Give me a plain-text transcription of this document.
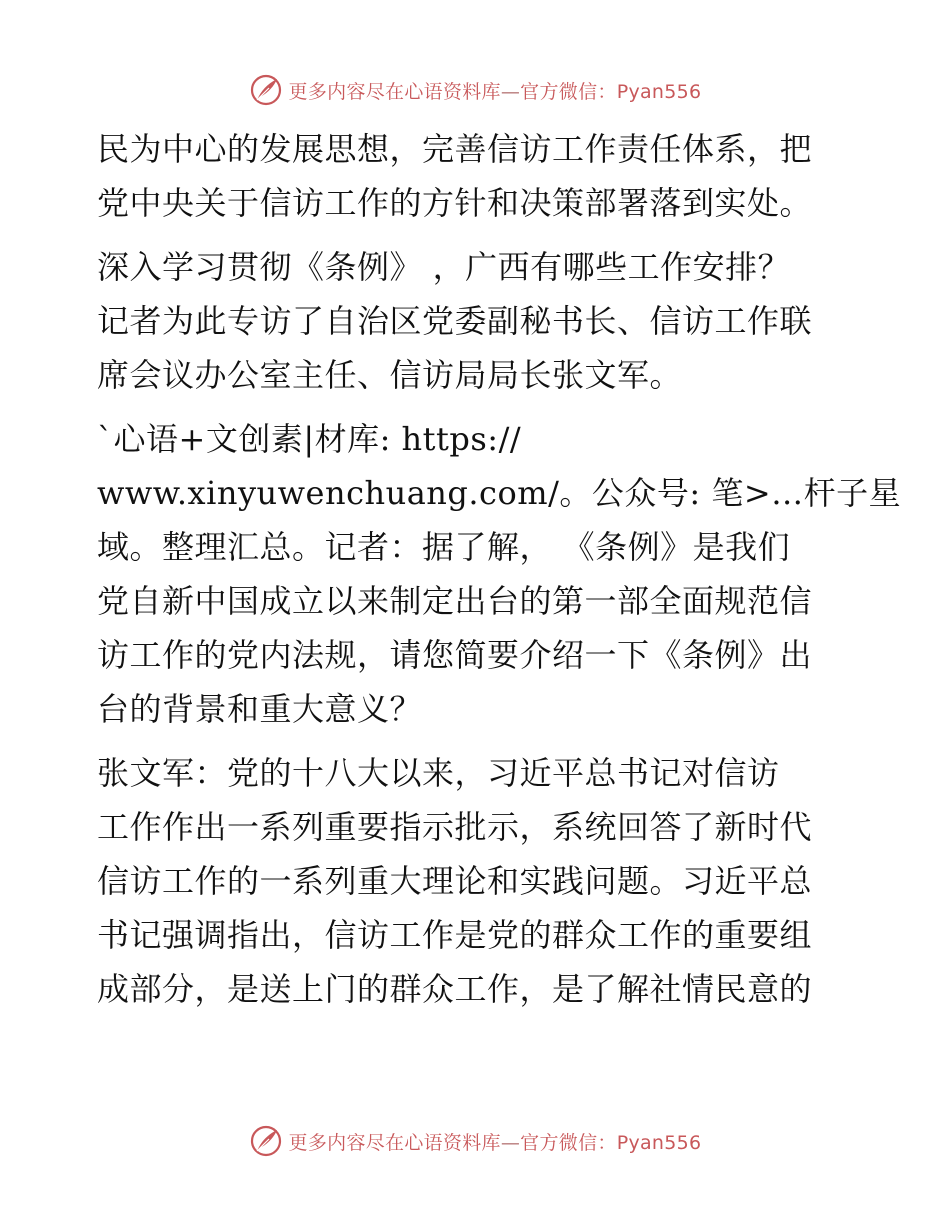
更多内容尽在心语资料库—官方微信：Pyan556
民为中心的发展思想，完善信访工作责任体系，把
党中央关于信访工作的方针和决策部署落到实处。
深入学习贯彻《条例》 ，广西有哪些工作安排？
记者为此专访了自治区党委副秘书长、信访工作联
席会议办公室主任、信访局局长张文军。
`心语+文创素|材库: https://
www.xinyuwenchuang.com/。公众号: 笔>…杆子星
域。整理汇总。记者：据了解， 《条例》是我们
党自新中国成立以来制定出台的第一部全面规范信
访工作的党内法规，请您简要介绍一下《条例》出
台的背景和重大意义？
张文军：党的十八大以来，习近平总书记对信访
工作作出一系列重要指示批示，系统回答了新时代
信访工作的一系列重大理论和实践问题。习近平总
书记强调指出，信访工作是党的群众工作的重要组
成部分，是送上门的群众工作，是了解社情民意的
更多内容尽在心语资料库—官方微信：Pyan556
